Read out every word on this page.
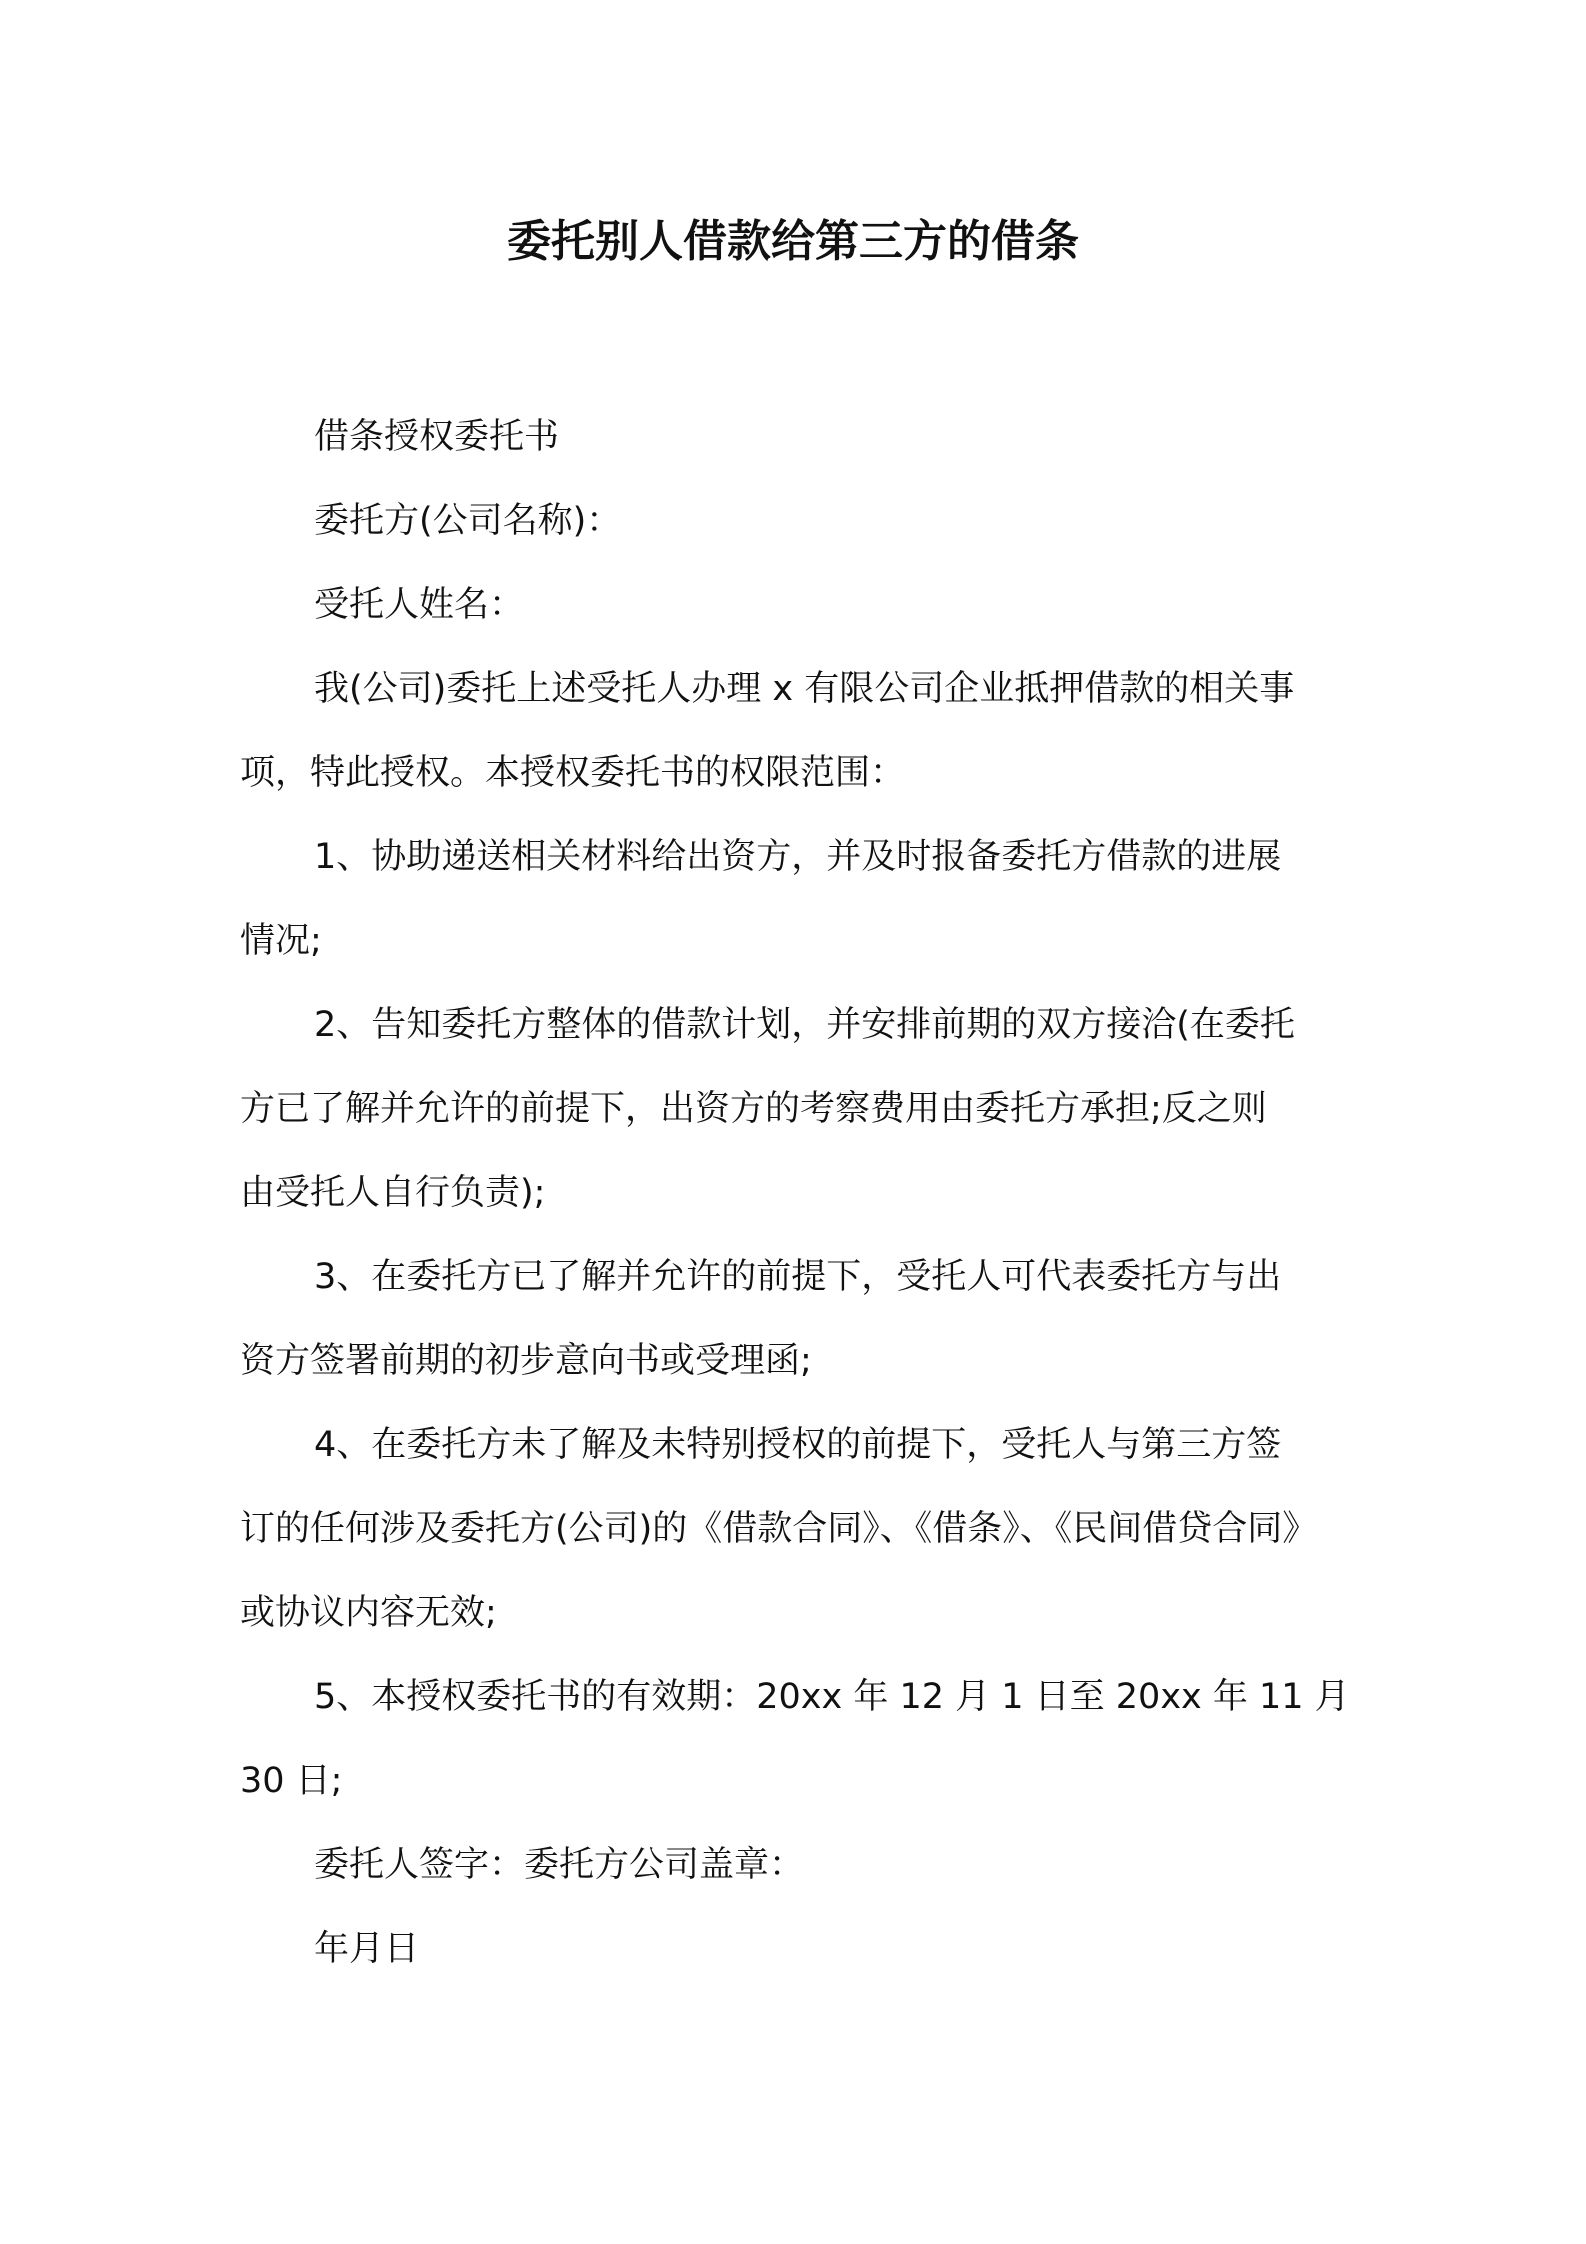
委托别人借款给第三方的借条
借条授权委托书
委托方(公司名称)：
受托人姓名：
我(公司)委托上述受托人办理 x 有限公司企业抵押借款的相关事
项，特此授权。本授权委托书的权限范围：
1、协助递送相关材料给出资方，并及时报备委托方借款的进展
情况;
2、告知委托方整体的借款计划，并安排前期的双方接洽(在委托
方已了解并允许的前提下，出资方的考察费用由委托方承担;反之则
由受托人自行负责);
3、在委托方已了解并允许的前提下，受托人可代表委托方与出
资方签署前期的初步意向书或受理函;
4、在委托方未了解及未特别授权的前提下，受托人与第三方签
订的任何涉及委托方(公司)的《借款合同》、《借条》、《民间借贷合同》
或协议内容无效;
5、本授权委托书的有效期：20xx 年 12 月 1 日至 20xx 年 11 月
30 日;
委托人签字：委托方公司盖章：
年月日
